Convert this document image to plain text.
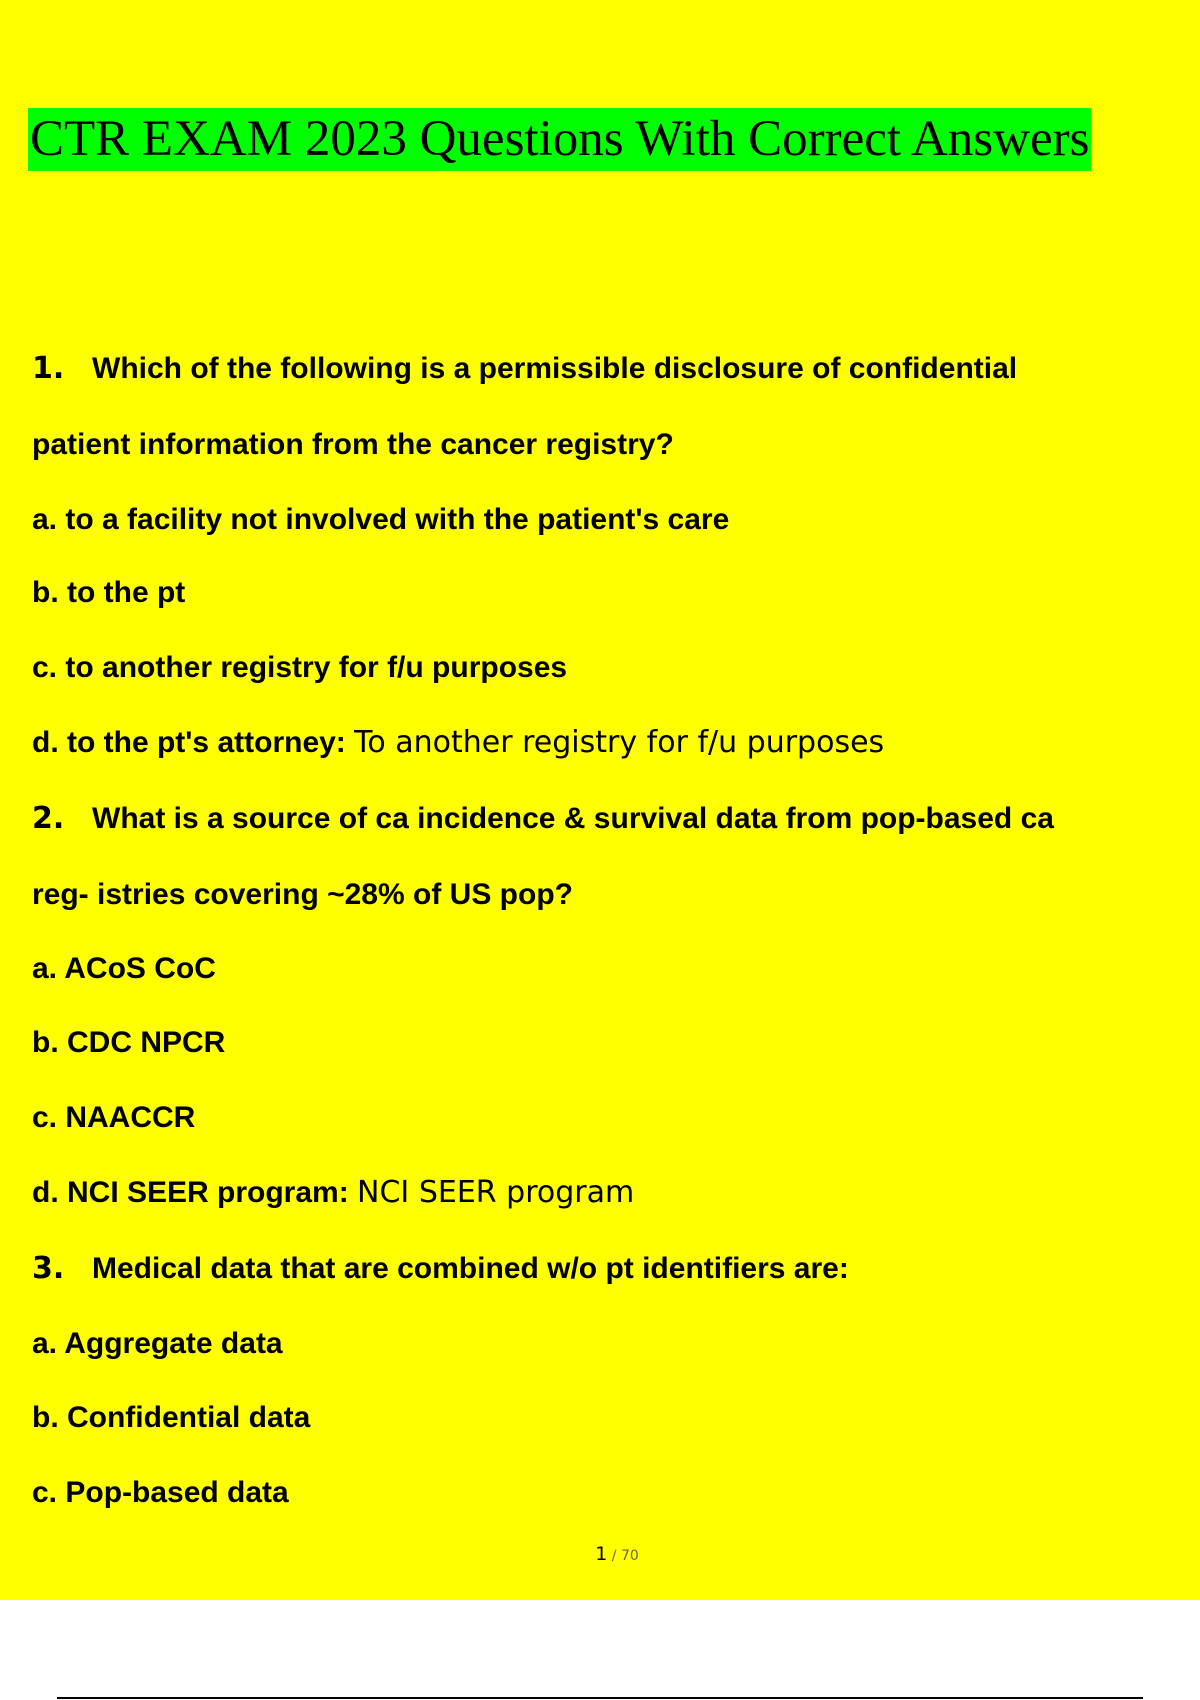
CTR EXAM 2023 Questions With Correct Answers
1. Which of the following is a permissible disclosure of confidential
patient information from the cancer registry?
a. to a facility not involved with the patient's care
b. to the pt
c. to another registry for f/u purposes
d. to the pt's attorney: To another registry for f/u purposes
2. What is a source of ca incidence & survival data from pop-based ca
reg- istries covering ~28% of US pop?
a. ACoS CoC
b. CDC NPCR
c. NAACCR
d. NCI SEER program: NCI SEER program
3. Medical data that are combined w/o pt identifiers are:
a. Aggregate data
b. Confidential data
c. Pop-based data
1 / 70
